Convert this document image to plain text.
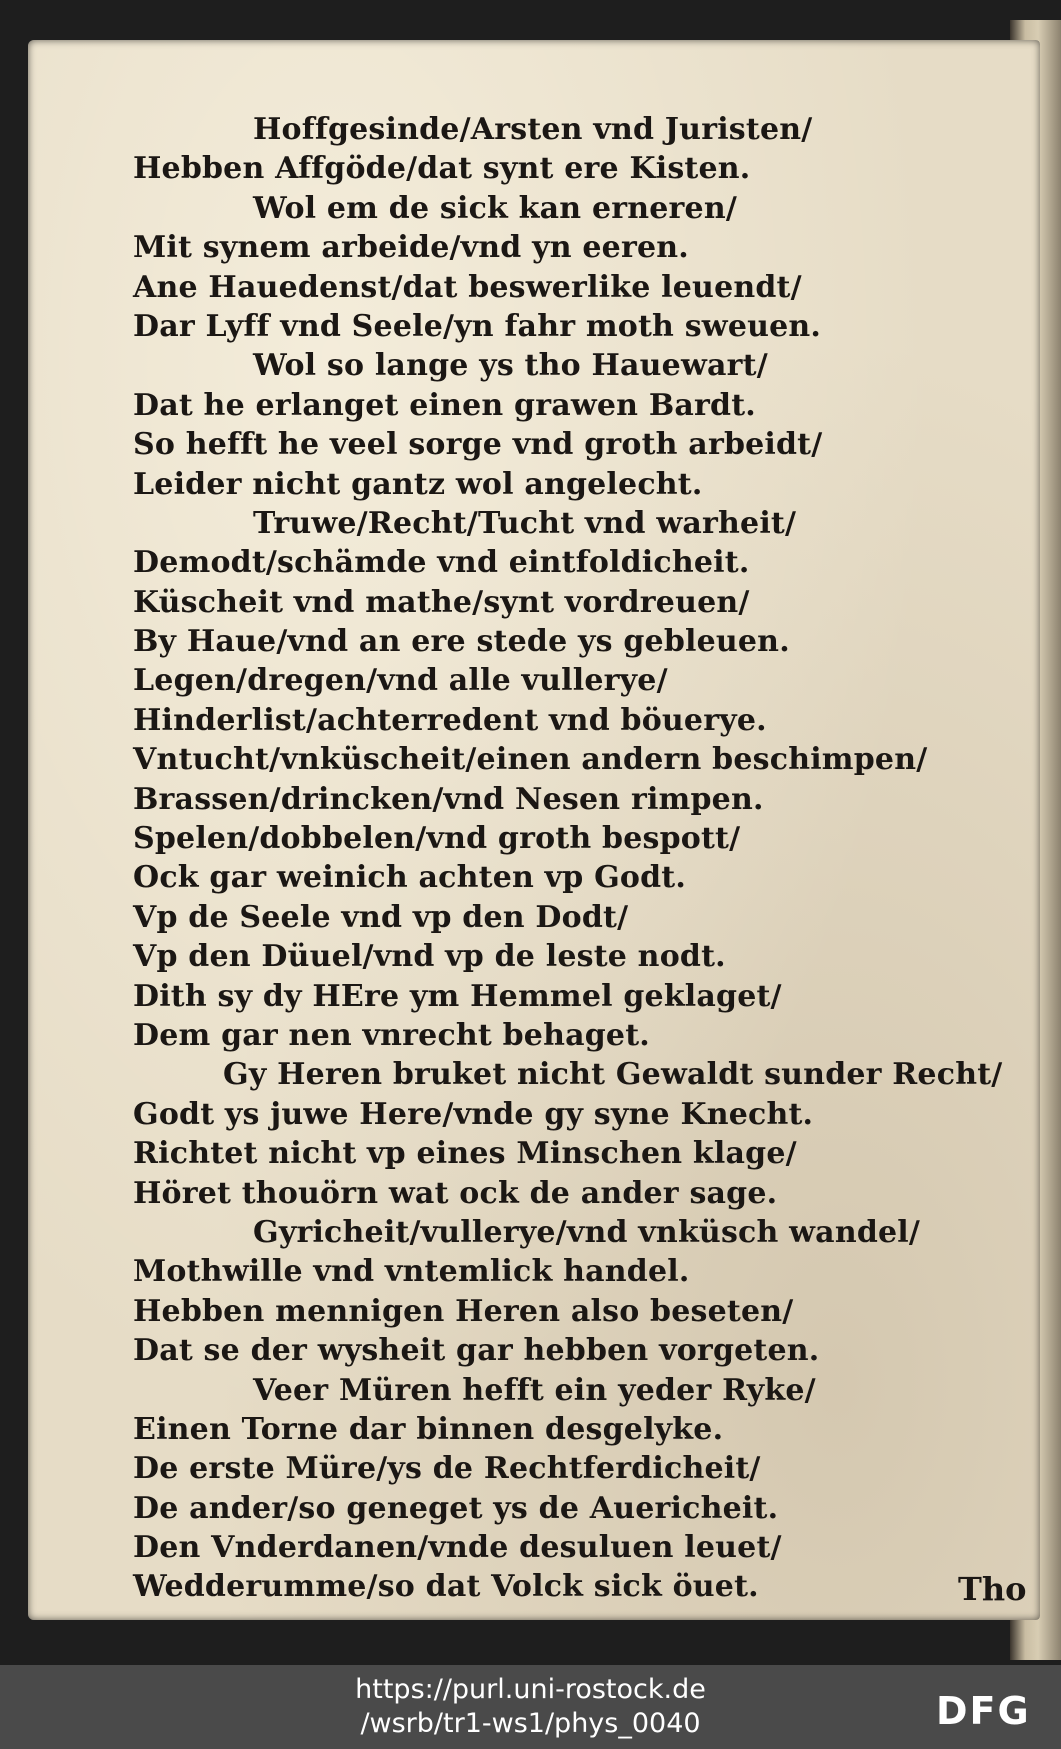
Hoffgesinde/Arsten vnd Juristen/
Hebben Affgöde/dat synt ere Kisten.
Wol em de sick kan erneren/
Mit synem arbeide/vnd yn eeren.
Ane Hauedenst/dat beswerlike leuendt/
Dar Lyff vnd Seele/yn fahr moth sweuen.
Wol so lange ys tho Hauewart/
Dat he erlanget einen grawen Bardt.
So hefft he veel sorge vnd groth arbeidt/
Leider nicht gantz wol angelecht.
Truwe/Recht/Tucht vnd warheit/
Demodt/schämde vnd eintfoldicheit.
Küscheit vnd mathe/synt vordreuen/
By Haue/vnd an ere stede ys gebleuen.
Legen/dregen/vnd alle vullerye/
Hinderlist/achterredent vnd böuerye.
Vntucht/vnküscheit/einen andern beschimpen/
Brassen/drincken/vnd Nesen rimpen.
Spelen/dobbelen/vnd groth bespott/
Ock gar weinich achten vp Godt.
Vp de Seele vnd vp den Dodt/
Vp den Düuel/vnd vp de leste nodt.
Dith sy dy HEre ym Hemmel geklaget/
Dem gar nen vnrecht behaget.
Gy Heren bruket nicht Gewaldt sunder Recht/
Godt ys juwe Here/vnde gy syne Knecht.
Richtet nicht vp eines Minschen klage/
Höret thouörn wat ock de ander sage.
Gyricheit/vullerye/vnd vnküsch wandel/
Mothwille vnd vntemlick handel.
Hebben mennigen Heren also beseten/
Dat se der wysheit gar hebben vorgeten.
Veer Müren hefft ein yeder Ryke/
Einen Torne dar binnen desgelyke.
De erste Müre/ys de Rechtferdicheit/
De ander/so geneget ys de Auericheit.
Den Vnderdanen/vnde desuluen leuet/
Wedderumme/so dat Volck sick öuet.	Tho
https://purl.uni-rostock.de
/wsrb/tr1-ws1/phys_0040	DFG
